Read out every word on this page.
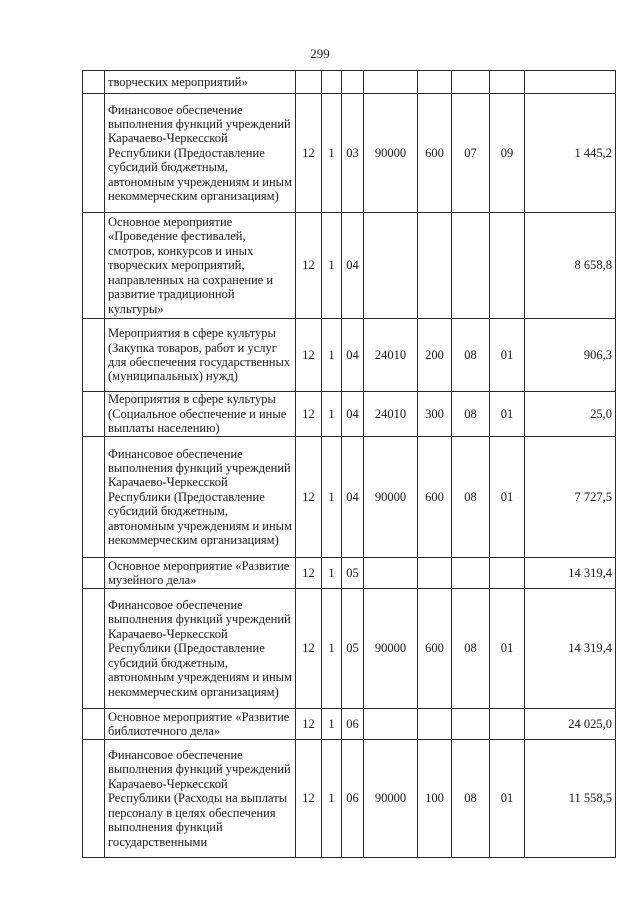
299
	творческих мероприятий»								
	Финансовое обеспечение выполнения функций учреждений Карачаево-Черкесской Республики (Предоставление субсидий бюджетным, автономным учреждениям и иным некоммерческим организациям)	12	1	03	90000	600	07	09	1 445,2
	Основное мероприятие «Проведение фестивалей, смотров, конкурсов и иных творческих мероприятий, направленных на сохранение и развитие традиционной культуры»	12	1	04					8 658,8
	Мероприятия в сфере культуры (Закупка товаров, работ и услуг для обеспечения государственных (муниципальных) нужд)	12	1	04	24010	200	08	01	906,3
	Мероприятия в сфере культуры (Социальное обеспечение и иные выплаты населению)	12	1	04	24010	300	08	01	25,0
	Финансовое обеспечение выполнения функций учреждений Карачаево-Черкесской Республики (Предоставление субсидий бюджетным, автономным учреждениям и иным некоммерческим организациям)	12	1	04	90000	600	08	01	7 727,5
	Основное мероприятие «Развитие музейного дела»	12	1	05					14 319,4
	Финансовое обеспечение выполнения функций учреждений Карачаево-Черкесской Республики (Предоставление субсидий бюджетным, автономным учреждениям и иным некоммерческим организациям)	12	1	05	90000	600	08	01	14 319,4
	Основное мероприятие «Развитие библиотечного дела»	12	1	06					24 025,0
	Финансовое обеспечение выполнения функций учреждений Карачаево-Черкесской Республики (Расходы на выплаты персоналу в целях обеспечения выполнения функций государственными	12	1	06	90000	100	08	01	11 558,5
